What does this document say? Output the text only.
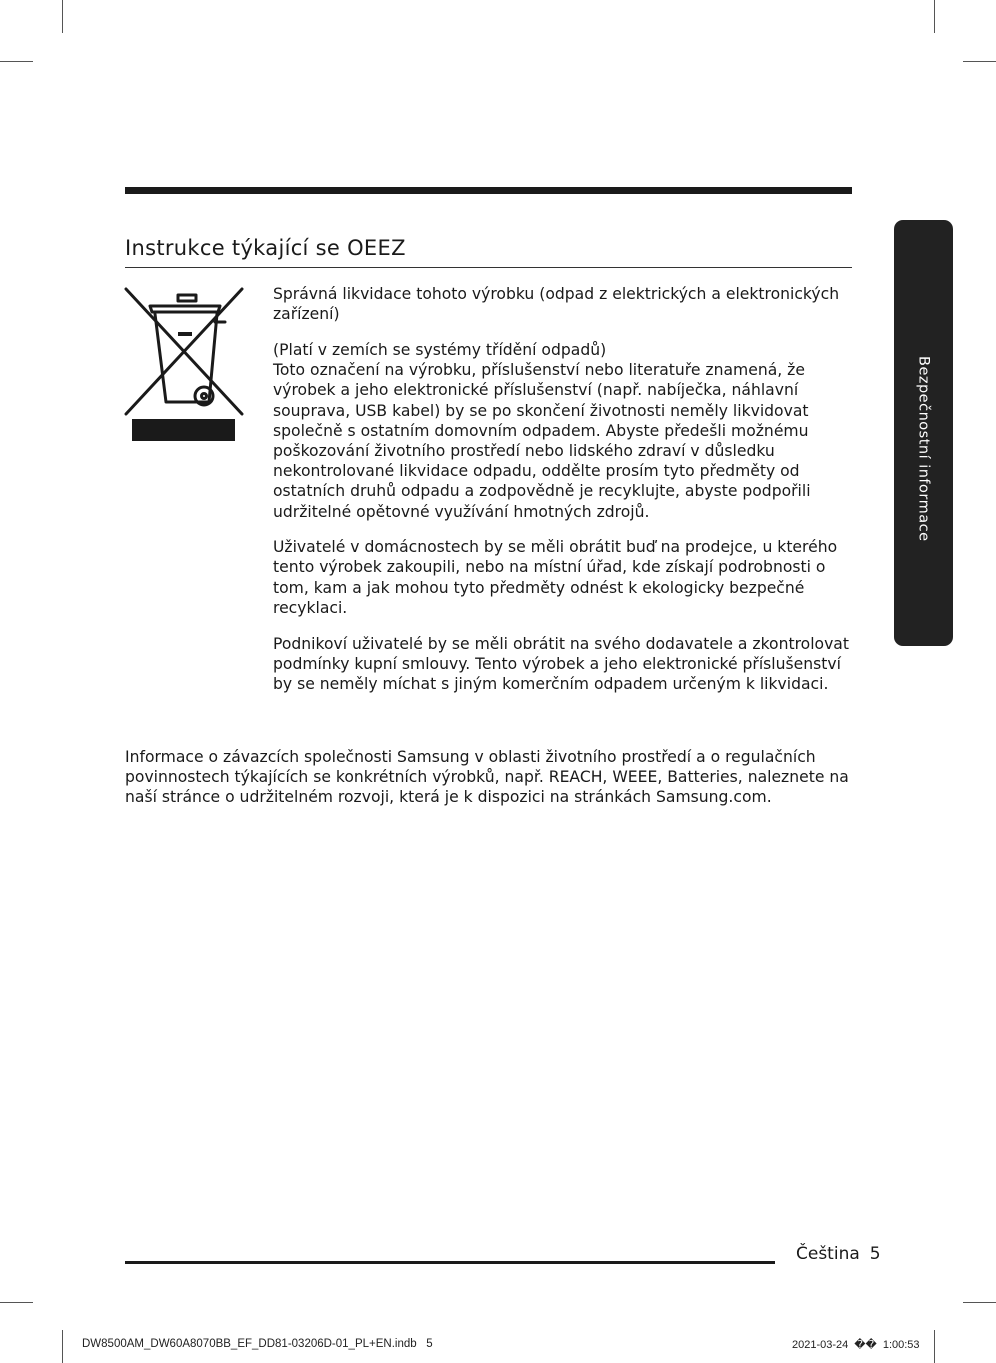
Instrukce týkající se OEEZ

Správná likvidace tohoto výrobku (odpad z elektrických a elektronických zařízení)

(Platí v zemích se systémy třídění odpadů)
Toto označení na výrobku, příslušenství nebo literatuře znamená, že výrobek a jeho elektronické příslušenství (např. nabíječka, náhlavní souprava, USB kabel) by se po skončení životnosti neměly likvidovat společně s ostatním domovním odpadem. Abyste předešli možnému poškozování životního prostředí nebo lidského zdraví v důsledku nekontrolované likvidace odpadu, oddělte prosím tyto předměty od ostatních druhů odpadu a zodpovědně je recyklujte, abyste podpořili udržitelné opětovné využívání hmotných zdrojů.

Uživatelé v domácnostech by se měli obrátit buď na prodejce, u kterého tento výrobek zakoupili, nebo na místní úřad, kde získají podrobnosti o tom, kam a jak mohou tyto předměty odnést k ekologicky bezpečné recyklaci.

Podnikoví uživatelé by se měli obrátit na svého dodavatele a zkontrolovat podmínky kupní smlouvy. Tento výrobek a jeho elektronické příslušenství by se neměly míchat s jiným komerčním odpadem určeným k likvidaci.

Informace o závazcích společnosti Samsung v oblasti životního prostředí a o regulačních povinnostech týkajících se konkrétních výrobků, např. REACH, WEEE, Batteries, naleznete na naší stránce o udržitelném rozvoji, která je k dispozici na stránkách Samsung.com.

Bezpečnostní informace
Čeština 5
DW8500AM_DW60A8070BB_EF_DD81-03206D-01_PL+EN.indb   5	2021-03-24 �� 1:00:53
